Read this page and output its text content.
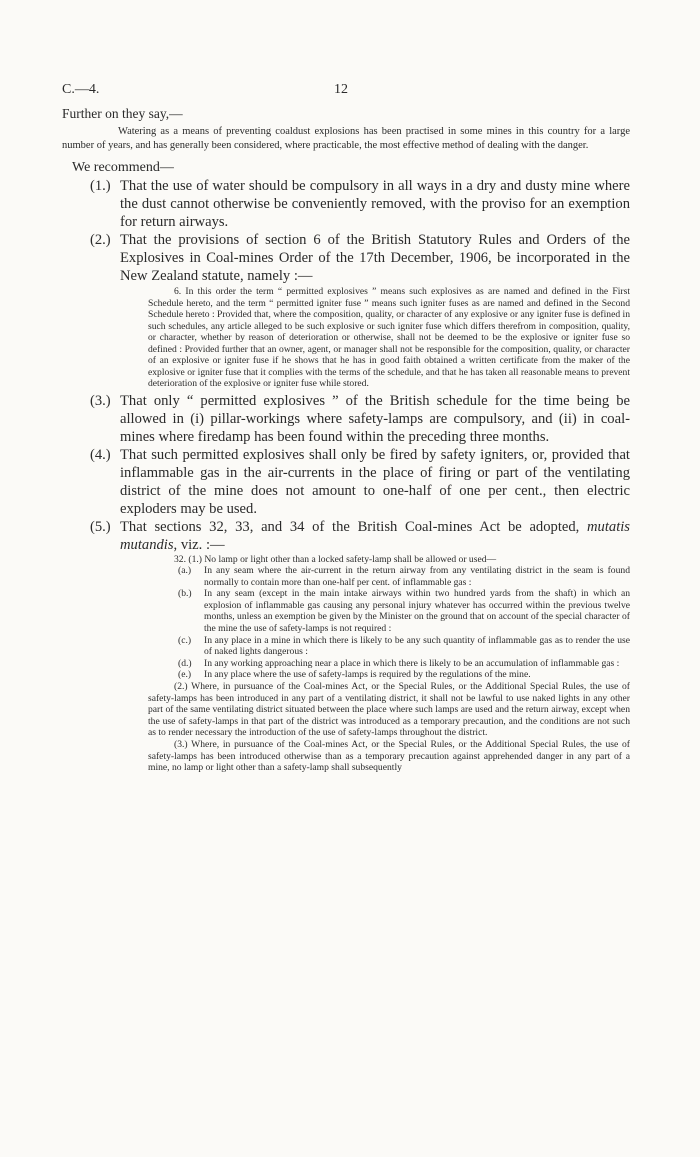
C.—4.	12

Further on they say,—

Watering as a means of preventing coaldust explosions has been practised in some mines in this country for a large number of years, and has generally been considered, where practicable, the most effective method of dealing with the danger.

We recommend—

(1.) That the use of water should be compulsory in all ways in a dry and dusty mine where the dust cannot otherwise be conveniently removed, with the proviso for an exemption for return airways.
(2.) That the provisions of section 6 of the British Statutory Rules and Orders of the Explosives in Coal-mines Order of the 17th December, 1906, be incorporated in the New Zealand statute, namely :—

6. In this order the term “ permitted explosives ” means such explosives as are named and defined in the First Schedule hereto, and the term “ permitted igniter fuse ” means such igniter fuses as are named and defined in the Second Schedule hereto : Provided that, where the composition, quality, or character of any explosive or any igniter fuse is defined in such schedules, any article alleged to be such explosive or such igniter fuse which differs therefrom in composition, quality, or character, whether by reason of deterioration or otherwise, shall not be deemed to be the explosive or igniter fuse so defined : Provided further that an owner, agent, or manager shall not be responsible for the composition, quality, or character of an explosive or igniter fuse if he shows that he has in good faith obtained a written certificate from the maker of the explosive or igniter fuse that it complies with the terms of the schedule, and that he has taken all reasonable means to prevent deterioration of the explosive or igniter fuse while stored.

(3.) That only “ permitted explosives ” of the British schedule for the time being be allowed in (i) pillar-workings where safety-lamps are compulsory, and (ii) in coal-mines where firedamp has been found within the preceding three months.
(4.) That such permitted explosives shall only be fired by safety igniters, or, provided that inflammable gas in the air-currents in the place of firing or part of the ventilating district of the mine does not amount to one-half of one per cent., then electric exploders may be used.
(5.) That sections 32, 33, and 34 of the British Coal-mines Act be adopted, mutatis mutandis, viz. :—

32. (1.) No lamp or light other than a locked safety-lamp shall be allowed or used—

(a.)	In any seam where the air-current in the return airway from any ventilating district in the seam is found normally to contain more than one-half per cent. of inflammable gas :
(b.)	In any seam (except in the main intake airways within two hundred yards from the shaft) in which an explosion of inflammable gas causing any personal injury whatever has occurred within the previous twelve months, unless an exemption be given by the Minister on the ground that on account of the special character of the mine the use of safety-lamps is not required :
(c.)	In any place in a mine in which there is likely to be any such quantity of inflammable gas as to render the use of naked lights dangerous :
(d.)	In any working approaching near a place in which there is likely to be an accumulation of inflammable gas :
(e.)	In any place where the use of safety-lamps is required by the regulations of the mine.

(2.) Where, in pursuance of the Coal-mines Act, or the Special Rules, or the Additional Special Rules, the use of safety-lamps has been introduced in any part of a ventilating district, it shall not be lawful to use naked lights in any other part of the same ventilating district situated between the place where such lamps are used and the return airway, except when the use of safety-lamps in that part of the district was introduced as a temporary precaution, and the conditions are not such as to render necessary the introduction of the use of safety-lamps throughout the district.

(3.) Where, in pursuance of the Coal-mines Act, or the Special Rules, or the Additional Special Rules, the use of safety-lamps has been introduced otherwise than as a temporary precaution against apprehended danger in any part of a mine, no lamp or light other than a safety-lamp shall subsequently
